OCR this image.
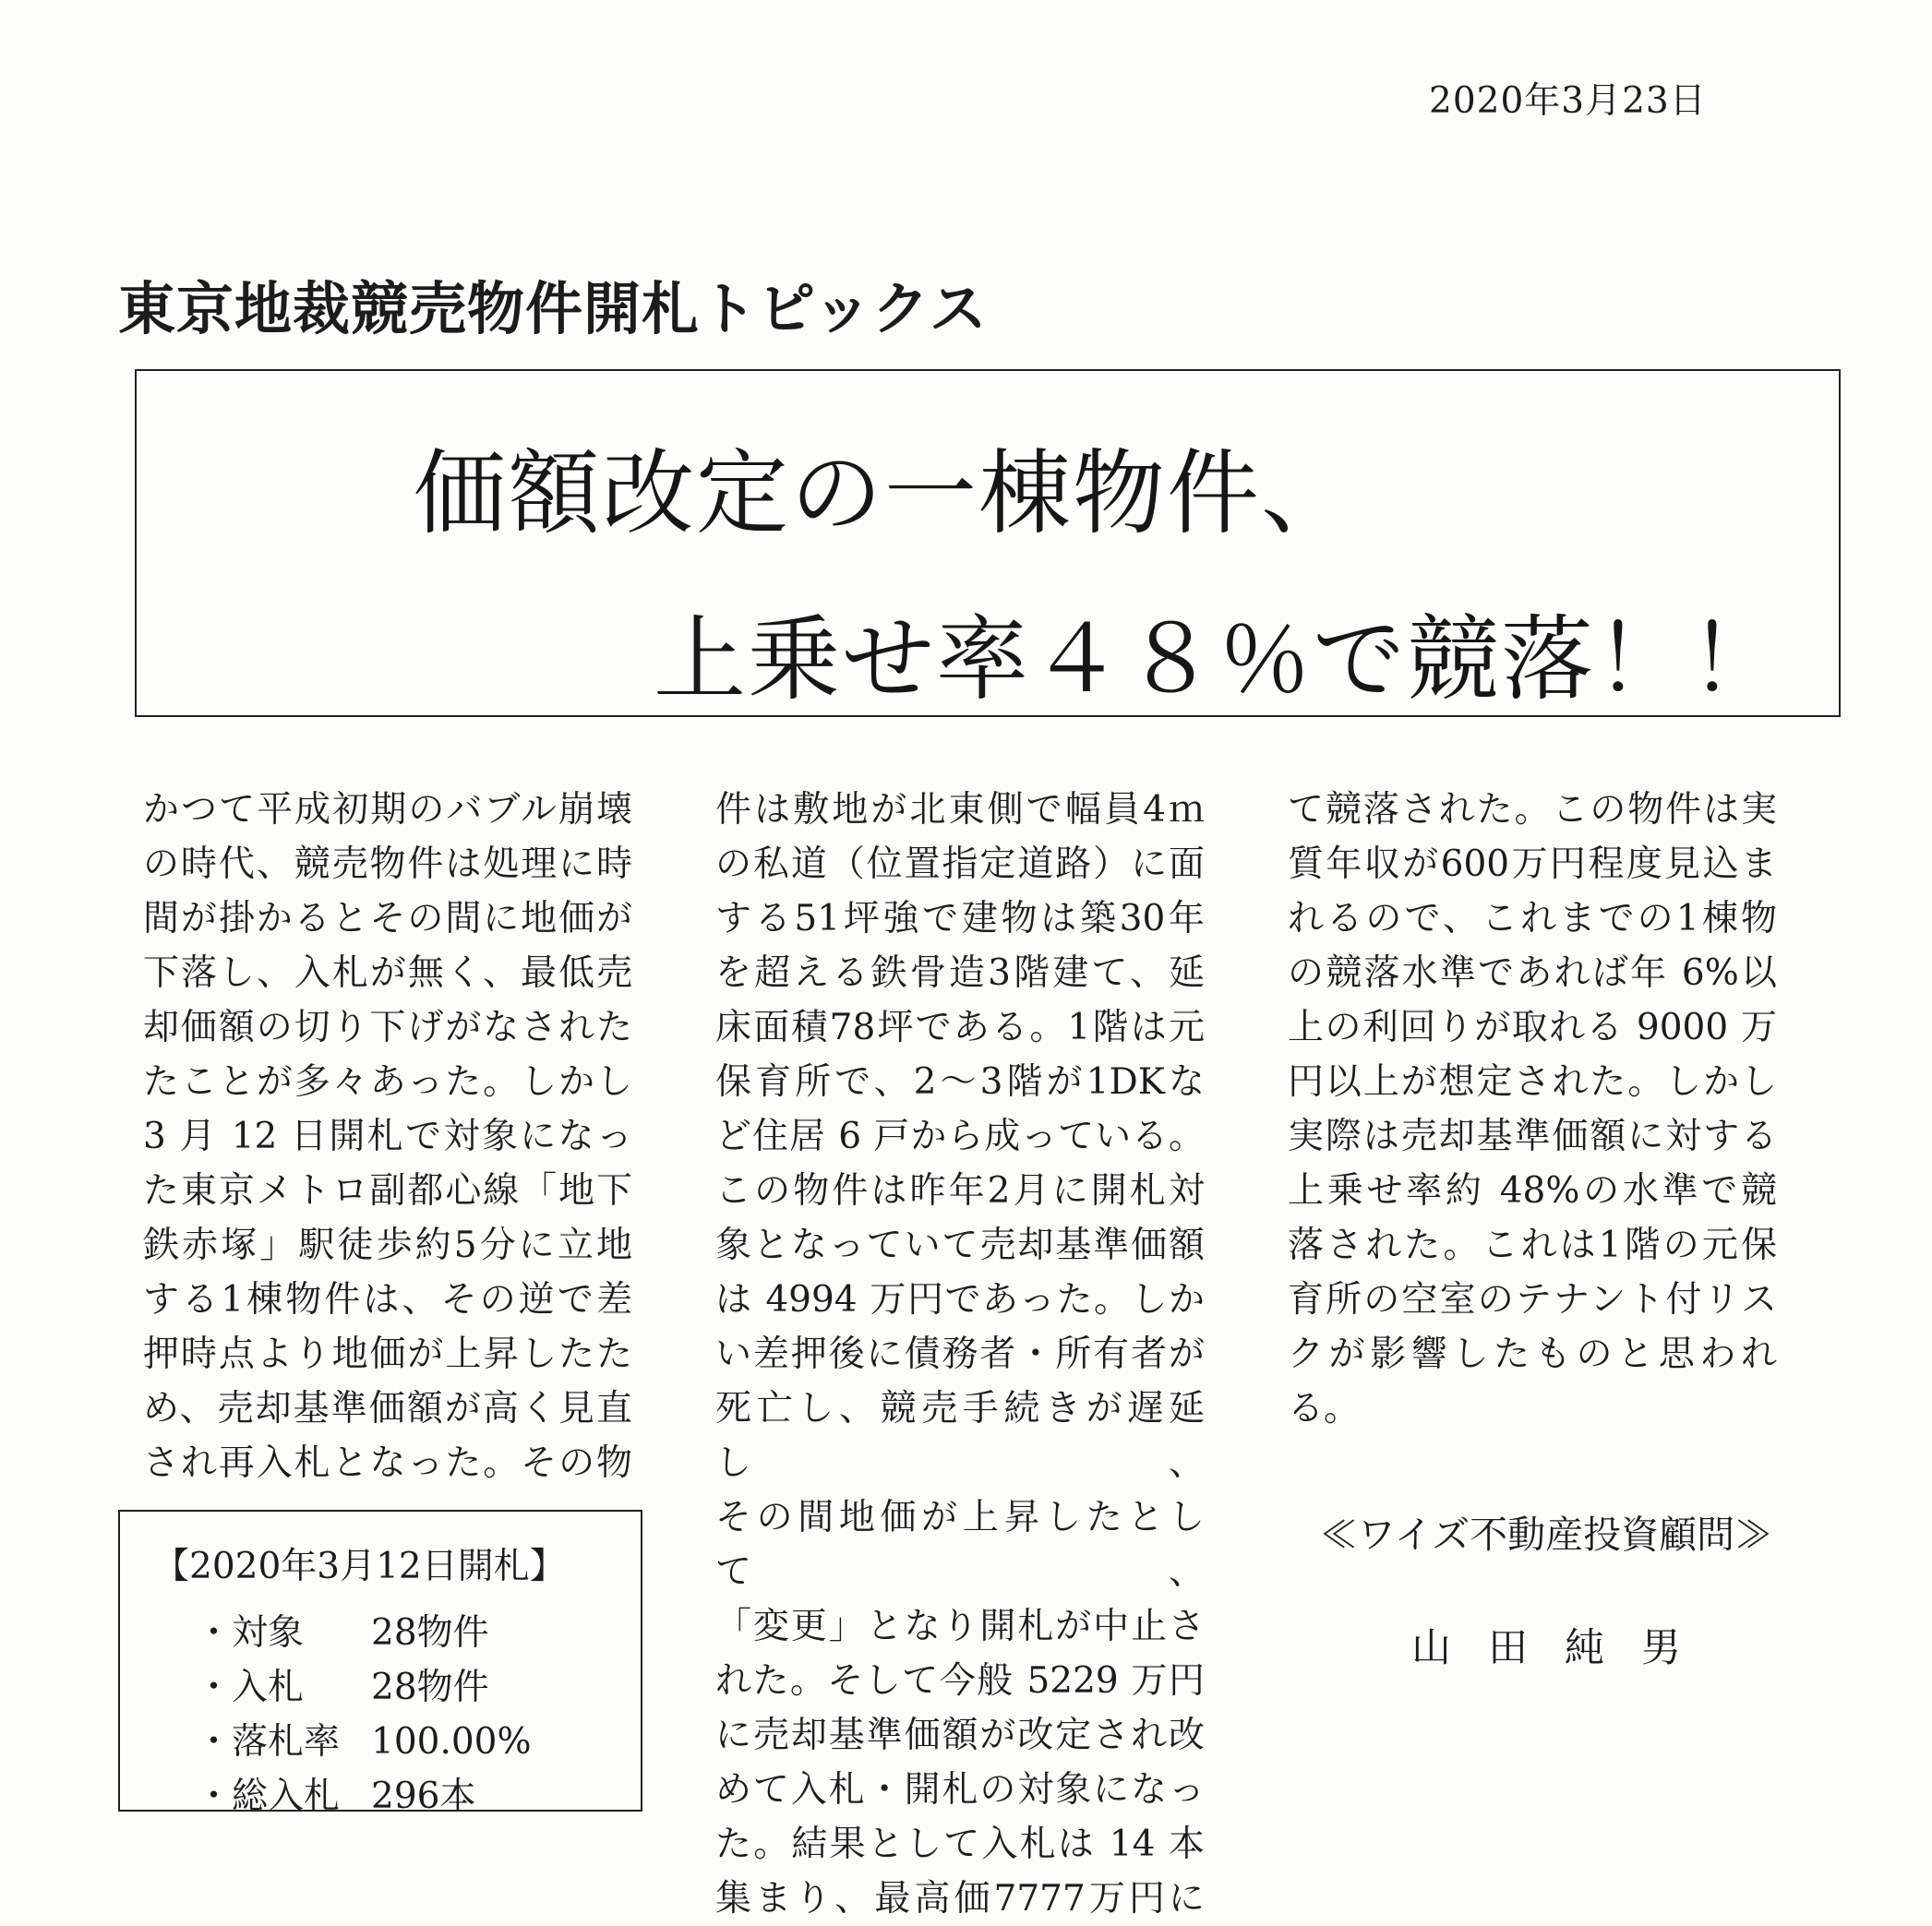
2020年3月23日
東京地裁競売物件開札トピックス
価額改定の一棟物件、
上乗せ率４８％で競落！！

かつて平成初期のバブル崩壊

の時代、競売物件は処理に時

間が掛かるとその間に地価が

下落し、入札が無く、最低売

却価額の切り下げがなされた

たことが多々あった。しかし

3 月 12 日開札で対象になっ

た東京メトロ副都心線「地下

鉄赤塚」駅徒歩約5分に立地

する1棟物件は、その逆で差

押時点より地価が上昇したた

め、売却基準価額が高く見直

され再入札となった。その物

件は敷地が北東側で幅員4ｍ

の私道（位置指定道路）に面

する51坪強で建物は築30年

を超える鉄骨造3階建て、延

床面積78坪である。1階は元

保育所で、2～3階が1DKな

ど住居 6 戸から成っている。

この物件は昨年2月に開札対

象となっていて売却基準価額

は 4994 万円であった。しか

い差押後に債務者・所有者が

死亡し、競売手続きが遅延し、

その間地価が上昇したとして、

「変更」となり開札が中止さ

れた。そして今般 5229 万円

に売却基準価額が改定され改

めて入札・開札の対象になっ

た。結果として入札は 14 本

集まり、最高価7777万円に

て競落された。この物件は実

質年収が600万円程度見込ま

れるので、これまでの1棟物

の競落水準であれば年 6%以

上の利回りが取れる 9000 万

円以上が想定された。しかし

実際は売却基準価額に対する

上乗せ率約 48%の水準で競

落された。これは1階の元保

育所の空室のテナント付リス

クが影響したものと思われる。

【2020年3月12日開札】
・対象 28物件
・入札 28物件
・落札率 100.00%
・総入札 296本
≪ワイズ不動産投資顧問≫
山田純男
